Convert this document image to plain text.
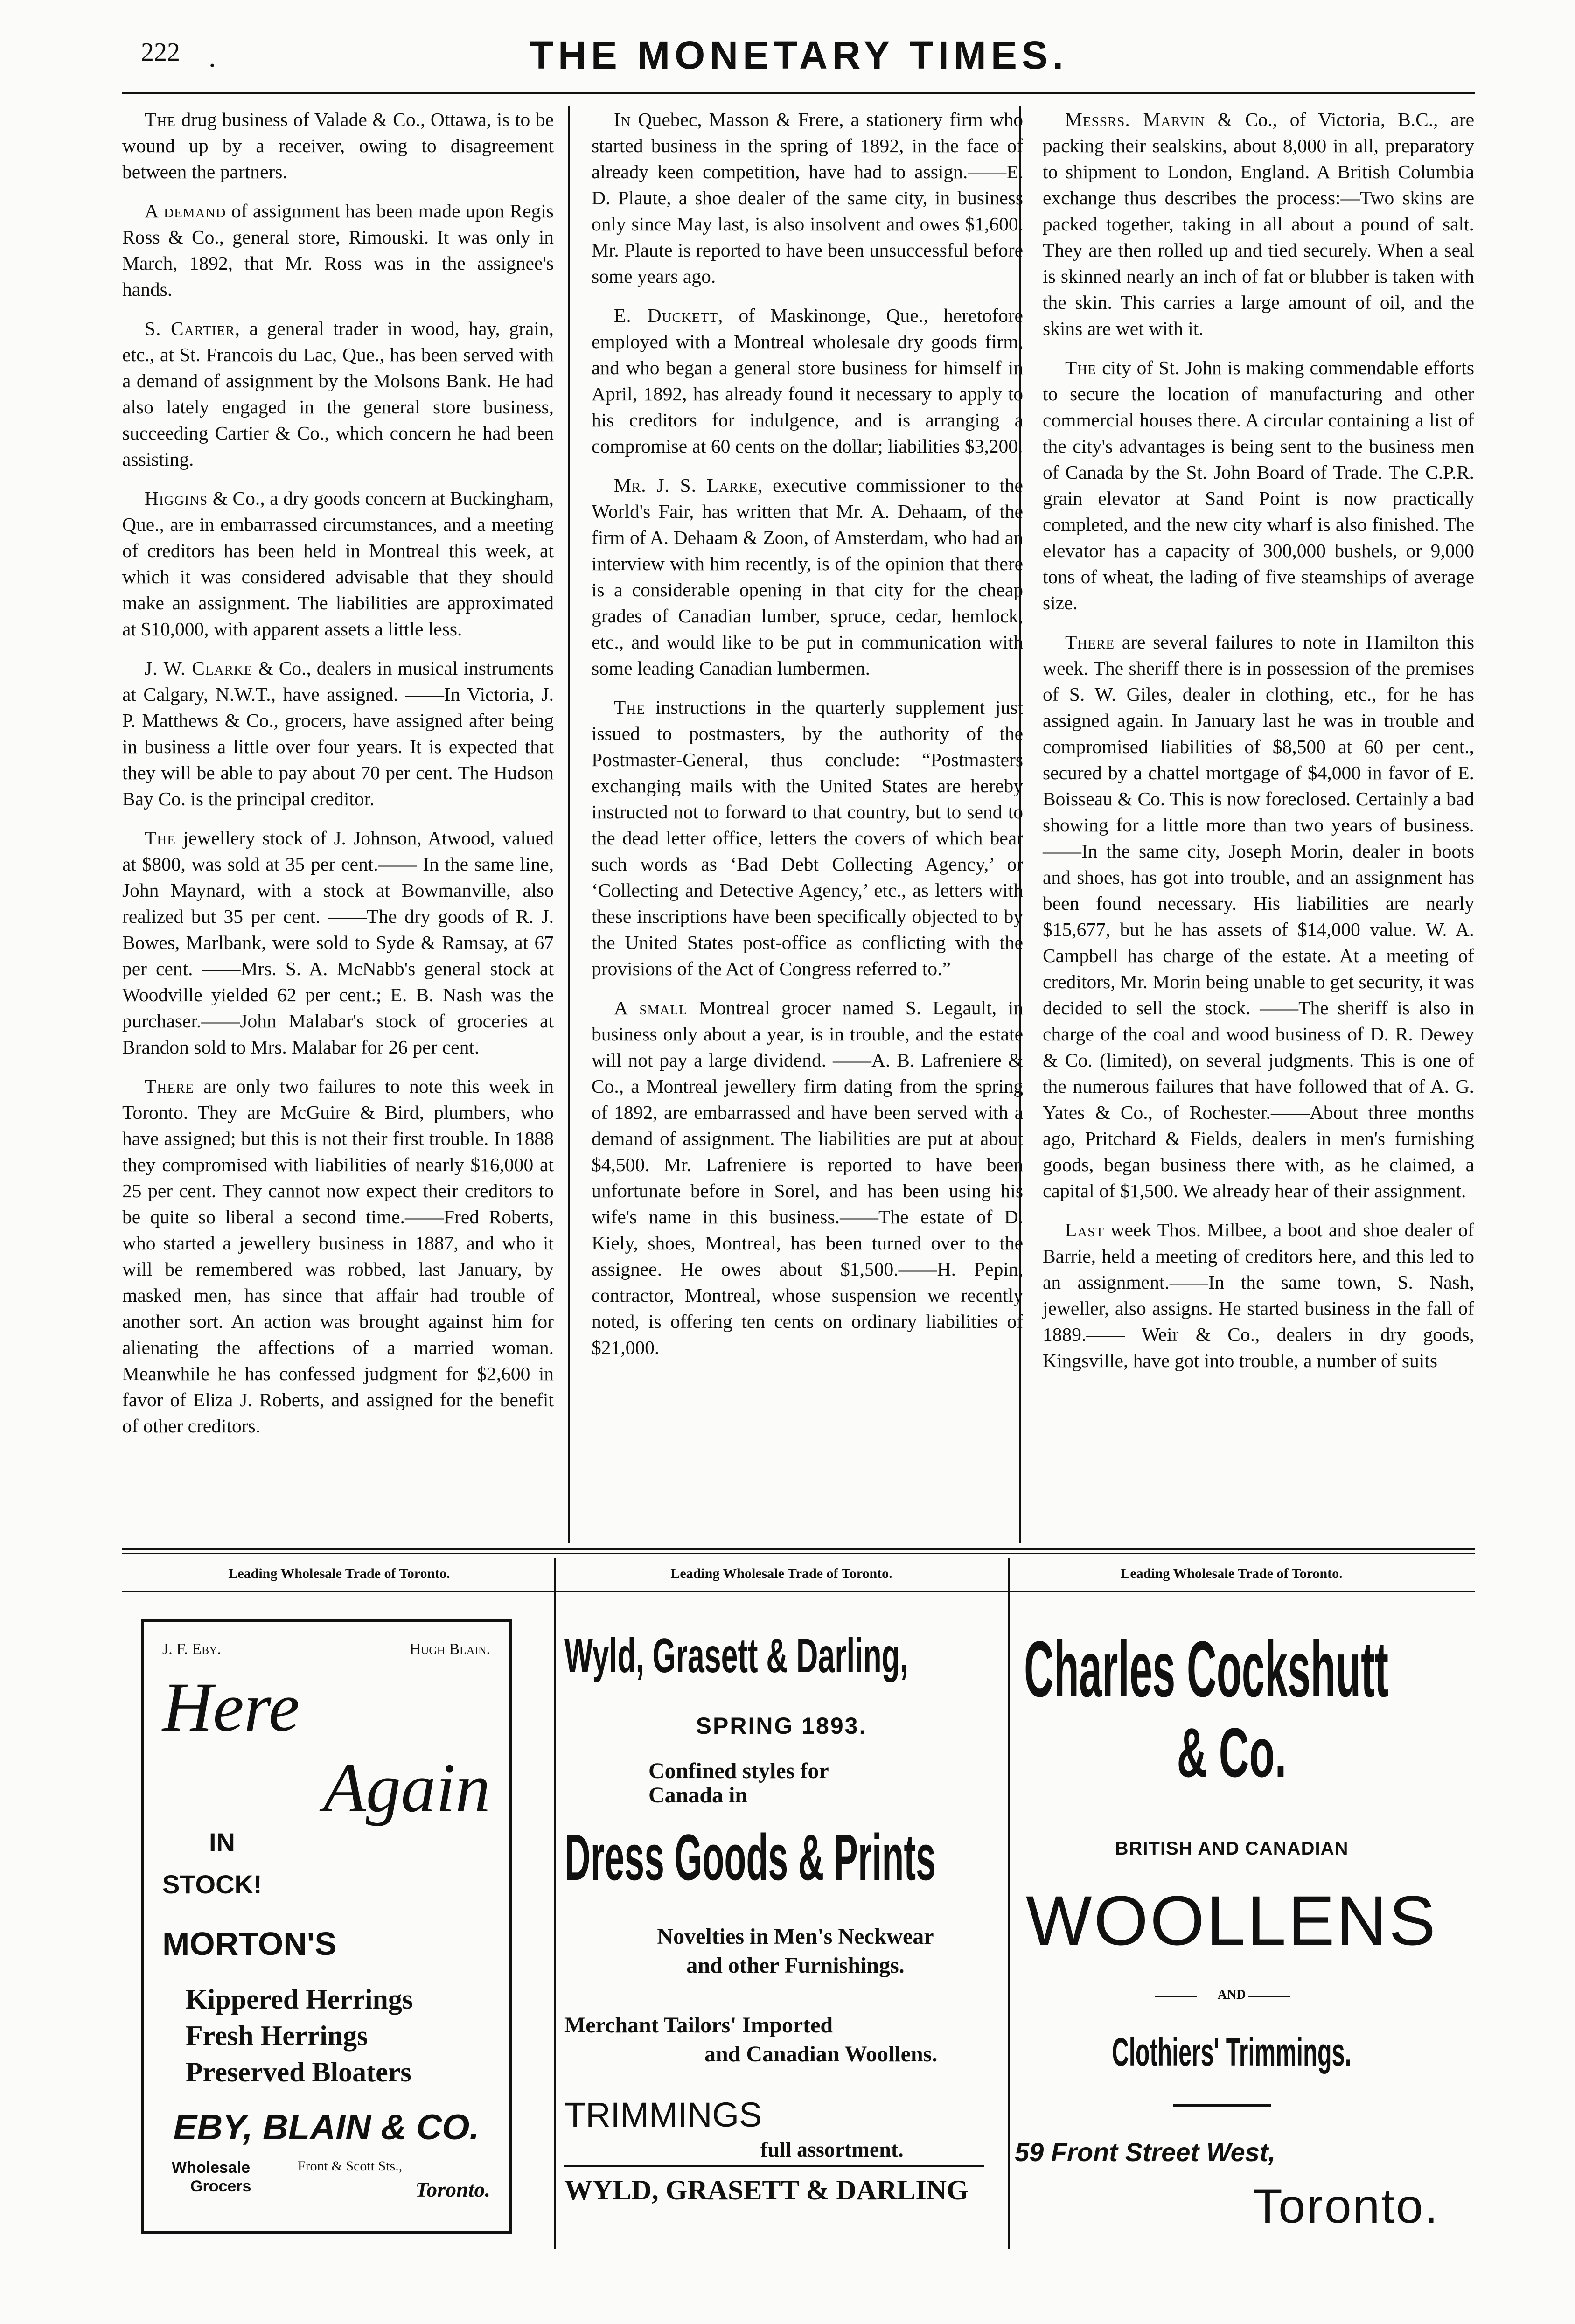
222 .	THE MONETARY TIMES.

The drug business of Valade & Co., Ottawa, is to be wound up by a receiver, owing to disagreement between the partners.

A demand of assignment has been made upon Regis Ross & Co., general store, Rimouski. It was only in March, 1892, that Mr. Ross was in the assignee's hands.

S. Cartier, a general trader in wood, hay, grain, etc., at St. Francois du Lac, Que., has been served with a demand of assignment by the Molsons Bank. He had also lately engaged in the general store business, succeeding Cartier & Co., which concern he had been assisting.

Higgins & Co., a dry goods concern at Buckingham, Que., are in embarrassed circumstances, and a meeting of creditors has been held in Montreal this week, at which it was considered advisable that they should make an assignment. The liabilities are approximated at $10,000, with apparent assets a little less.

J. W. Clarke & Co., dealers in musical instruments at Calgary, N.W.T., have assigned. ——In Victoria, J. P. Matthews & Co., grocers, have assigned after being in business a little over four years. It is expected that they will be able to pay about 70 per cent. The Hudson Bay Co. is the principal creditor.

The jewellery stock of J. Johnson, Atwood, valued at $800, was sold at 35 per cent.—— In the same line, John Maynard, with a stock at Bowmanville, also realized but 35 per cent. ——The dry goods of R. J. Bowes, Marlbank, were sold to Syde & Ramsay, at 67 per cent. ——Mrs. S. A. McNabb's general stock at Woodville yielded 62 per cent.; E. B. Nash was the purchaser.——John Malabar's stock of groceries at Brandon sold to Mrs. Malabar for 26 per cent.

There are only two failures to note this week in Toronto. They are McGuire & Bird, plumbers, who have assigned; but this is not their first trouble. In 1888 they compromised with liabilities of nearly $16,000 at 25 per cent. They cannot now expect their creditors to be quite so liberal a second time.——Fred Roberts, who started a jewellery business in 1887, and who it will be remembered was robbed, last January, by masked men, has since that affair had trouble of another sort. An action was brought against him for alienating the affections of a married woman. Meanwhile he has confessed judgment for $2,600 in favor of Eliza J. Roberts, and assigned for the benefit of other creditors.

In Quebec, Masson & Frere, a stationery firm who started business in the spring of 1892, in the face of already keen competition, have had to assign.——E. D. Plaute, a shoe dealer of the same city, in business only since May last, is also insolvent and owes $1,600. Mr. Plaute is reported to have been unsuccessful before some years ago.

E. Duckett, of Maskinonge, Que., heretofore employed with a Montreal wholesale dry goods firm, and who began a general store business for himself in April, 1892, has already found it necessary to apply to his creditors for indulgence, and is arranging a compromise at 60 cents on the dollar; liabilities $3,200.

Mr. J. S. Larke, executive commissioner to the World's Fair, has written that Mr. A. Dehaam, of the firm of A. Dehaam & Zoon, of Amsterdam, who had an interview with him recently, is of the opinion that there is a considerable opening in that city for the cheap grades of Canadian lumber, spruce, cedar, hemlock, etc., and would like to be put in communication with some leading Canadian lumbermen.

The instructions in the quarterly supplement just issued to postmasters, by the authority of the Postmaster-General, thus conclude: “Postmasters exchanging mails with the United States are hereby instructed not to forward to that country, but to send to the dead letter office, letters the covers of which bear such words as ‘Bad Debt Collecting Agency,’ or ‘Collecting and Detective Agency,’ etc., as letters with these inscriptions have been specifically objected to by the United States post-office as conflicting with the provisions of the Act of Congress referred to.”

A small Montreal grocer named S. Legault, in business only about a year, is in trouble, and the estate will not pay a large dividend. ——A. B. Lafreniere & Co., a Montreal jewellery firm dating from the spring of 1892, are embarrassed and have been served with a demand of assignment. The liabilities are put at about $4,500. Mr. Lafreniere is reported to have been unfortunate before in Sorel, and has been using his wife's name in this business.——The estate of D. Kiely, shoes, Montreal, has been turned over to the assignee. He owes about $1,500.——H. Pepin, contractor, Montreal, whose suspension we recently noted, is offering ten cents on ordinary liabilities of $21,000.

Messrs. Marvin & Co., of Victoria, B.C., are packing their sealskins, about 8,000 in all, preparatory to shipment to London, England. A British Columbia exchange thus describes the process:—Two skins are packed together, taking in all about a pound of salt. They are then rolled up and tied securely. When a seal is skinned nearly an inch of fat or blubber is taken with the skin. This carries a large amount of oil, and the skins are wet with it.

The city of St. John is making commendable efforts to secure the location of manufacturing and other commercial houses there. A circular containing a list of the city's advantages is being sent to the business men of Canada by the St. John Board of Trade. The C.P.R. grain elevator at Sand Point is now practically completed, and the new city wharf is also finished. The elevator has a capacity of 300,000 bushels, or 9,000 tons of wheat, the lading of five steamships of average size.

There are several failures to note in Hamilton this week. The sheriff there is in possession of the premises of S. W. Giles, dealer in clothing, etc., for he has assigned again. In January last he was in trouble and compromised liabilities of $8,500 at 60 per cent., secured by a chattel mortgage of $4,000 in favor of E. Boisseau & Co. This is now foreclosed. Certainly a bad showing for a little more than two years of business.——In the same city, Joseph Morin, dealer in boots and shoes, has got into trouble, and an assignment has been found necessary. His liabilities are nearly $15,677, but he has assets of $14,000 value. W. A. Campbell has charge of the estate. At a meeting of creditors, Mr. Morin being unable to get security, it was decided to sell the stock. ——The sheriff is also in charge of the coal and wood business of D. R. Dewey & Co. (limited), on several judgments. This is one of the numerous failures that have followed that of A. G. Yates & Co., of Rochester.——About three months ago, Pritchard & Fields, dealers in men's furnishing goods, began business there with, as he claimed, a capital of $1,500. We already hear of their assignment.

Last week Thos. Milbee, a boot and shoe dealer of Barrie, held a meeting of creditors here, and this led to an assignment.——In the same town, S. Nash, jeweller, also assigns. He started business in the fall of 1889.—— Weir & Co., dealers in dry goods, Kingsville, have got into trouble, a number of suits

Leading Wholesale Trade of Toronto.	Leading Wholesale Trade of Toronto.	Leading Wholesale Trade of Toronto.
J. F. Eby.	Hugh Blain.
Here
Again
IN
STOCK!
MORTON'S
Kippered Herrings
Fresh Herrings
Preserved Bloaters
EBY, BLAIN & CO.
Wholesale
Grocers
Front & Scott Sts.,
Toronto.
Wyld, Grasett & Darling,
SPRING 1893.
Confined styles for
Canada in
Dress Goods & Prints
Novelties in Men's Neckwear
and other Furnishings.
Merchant Tailors' Imported
and Canadian Woollens.
TRIMMINGS
full assortment.
WYLD, GRASETT & DARLING
Charles Cockshutt
& Co.
BRITISH AND CANADIAN
WOOLLENS
AND
Clothiers' Trimmings.
59 Front Street West,
Toronto.
